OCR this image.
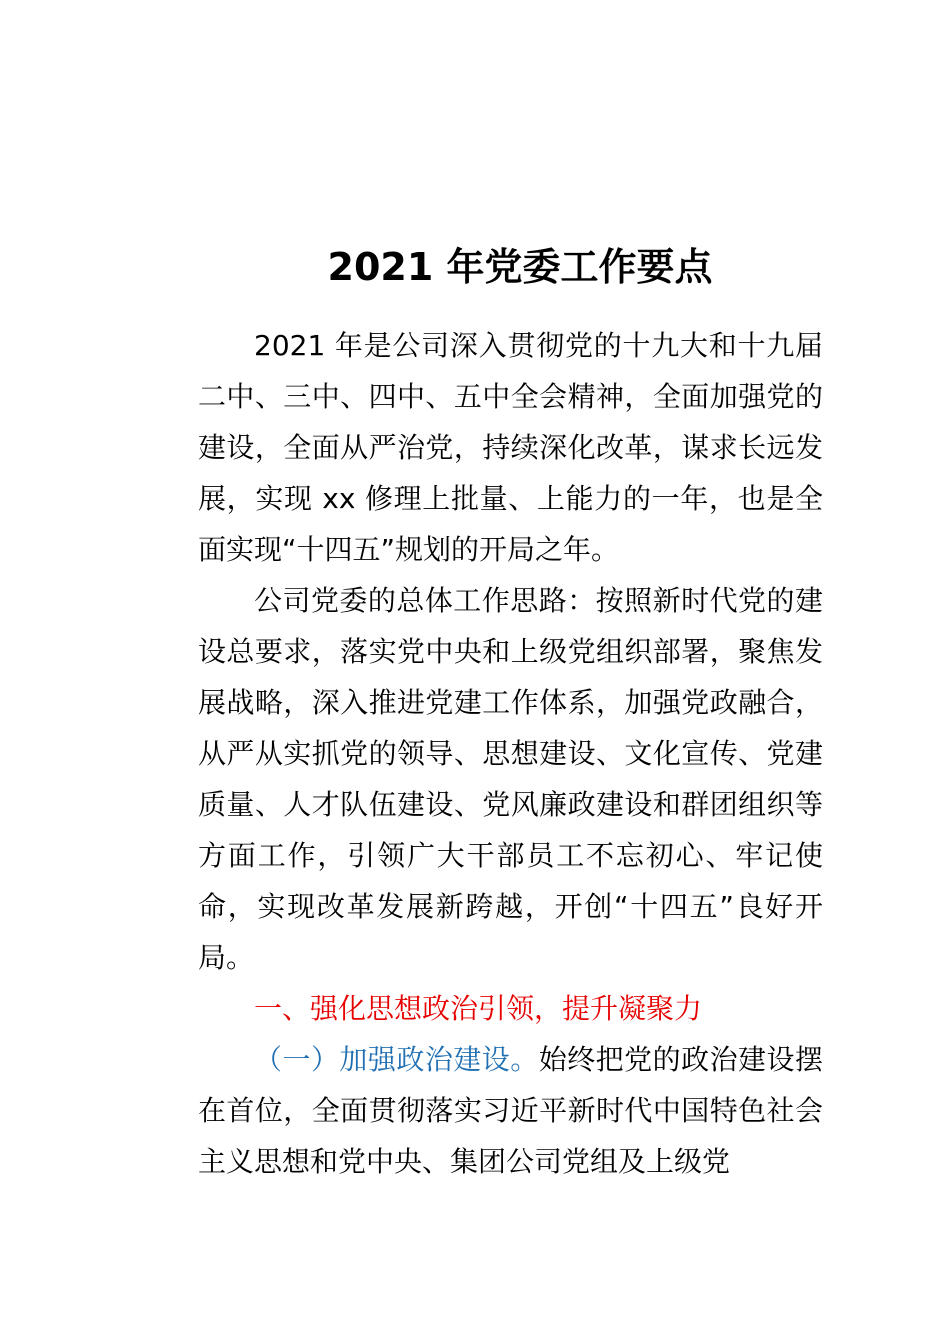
2021 年党委工作要点

2021 年是公司深入贯彻党的十九大和十九届二中、三中、四中、五中全会精神，全面加强党的建设，全面从严治党，持续深化改革，谋求长远发展，实现 xx 修理上批量、上能力的一年，也是全面实现“十四五”规划的开局之年。

公司党委的总体工作思路：按照新时代党的建设总要求，落实党中央和上级党组织部署，聚焦发展战略，深入推进党建工作体系，加强党政融合，从严从实抓党的领导、思想建设、文化宣传、党建质量、人才队伍建设、党风廉政建设和群团组织等方面工作，引领广大干部员工不忘初心、牢记使命，实现改革发展新跨越，开创“十四五”良好开局。

一、强化思想政治引领，提升凝聚力

（一）加强政治建设。始终把党的政治建设摆在首位，全面贯彻落实习近平新时代中国特色社会主义思想和党中央、集团公司党组及上级党
